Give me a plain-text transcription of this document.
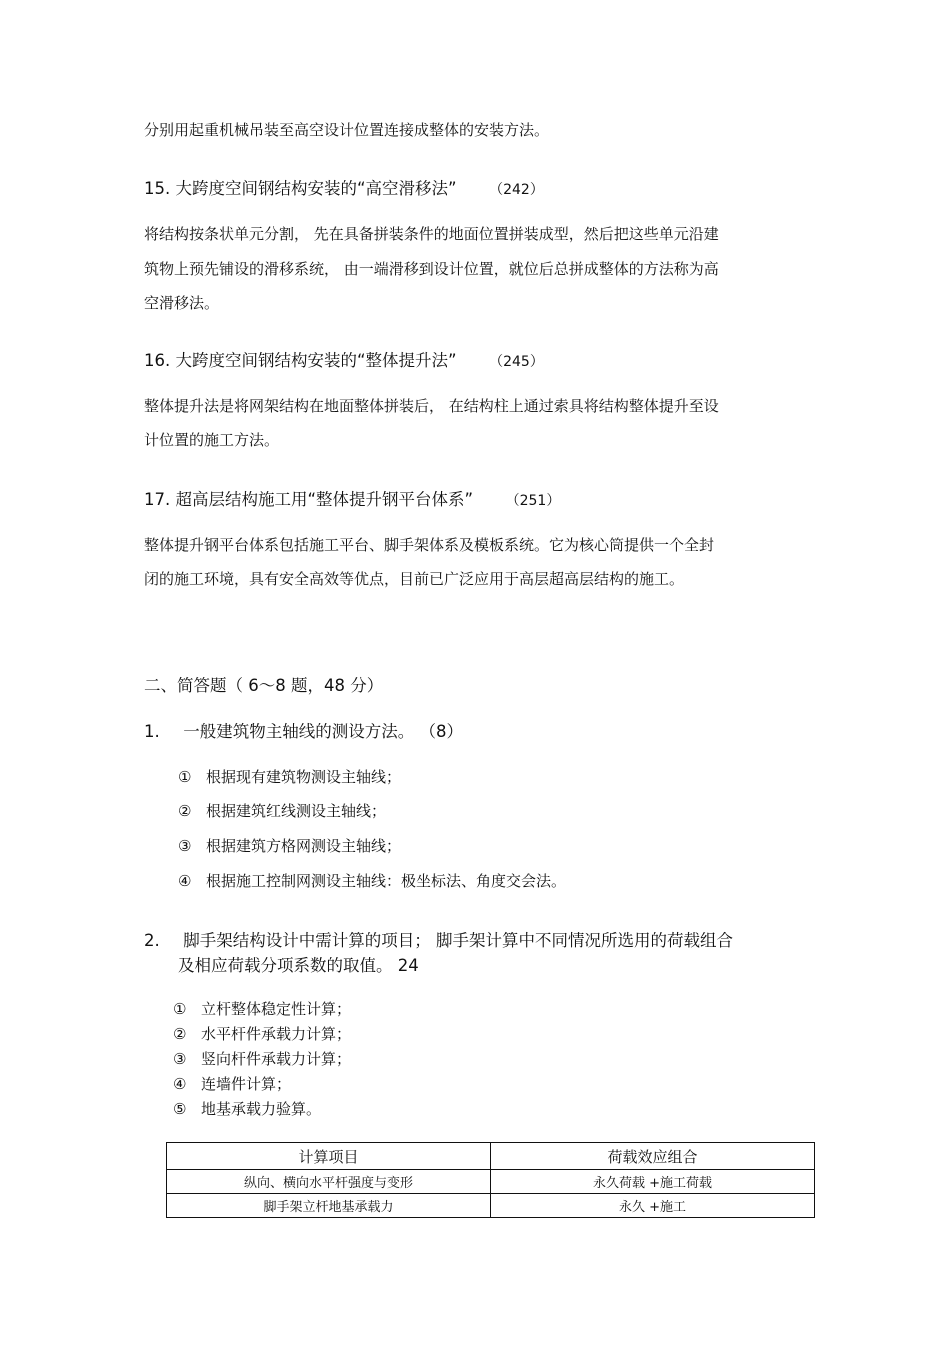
分别用起重机械吊装至高空设计位置连接成整体的安装方法。
15. 大跨度空间钢结构安装的“高空滑移法” （242）
将结构按条状单元分割， 先在具备拼装条件的地面位置拼装成型，然后把这些单元沿建
筑物上预先铺设的滑移系统， 由一端滑移到设计位置，就位后总拼成整体的方法称为高
空滑移法。
16. 大跨度空间钢结构安装的“整体提升法” （245）
整体提升法是将网架结构在地面整体拼装后， 在结构柱上通过索具将结构整体提升至设
计位置的施工方法。
17. 超高层结构施工用“整体提升钢平台体系” （251）
整体提升钢平台体系包括施工平台、脚手架体系及模板系统。它为核心筒提供一个全封
闭的施工环境，具有安全高效等优点，目前已广泛应用于高层超高层结构的施工。
二、简答题（ 6～8 题，48 分）
1. 一般建筑物主轴线的测设方法。 （8）
① 根据现有建筑物测设主轴线；
② 根据建筑红线测设主轴线；
③ 根据建筑方格网测设主轴线；
④ 根据施工控制网测设主轴线：极坐标法、角度交会法。
2. 脚手架结构设计中需计算的项目； 脚手架计算中不同情况所选用的荷载组合
及相应荷载分项系数的取值。 24
① 立杆整体稳定性计算；
② 水平杆件承载力计算；
③ 竖向杆件承载力计算；
④ 连墙件计算；
⑤ 地基承载力验算。
计算项目	荷载效应组合
纵向、横向水平杆强度与变形	永久荷载 +施工荷载
脚手架立杆地基承载力	永久 +施工
